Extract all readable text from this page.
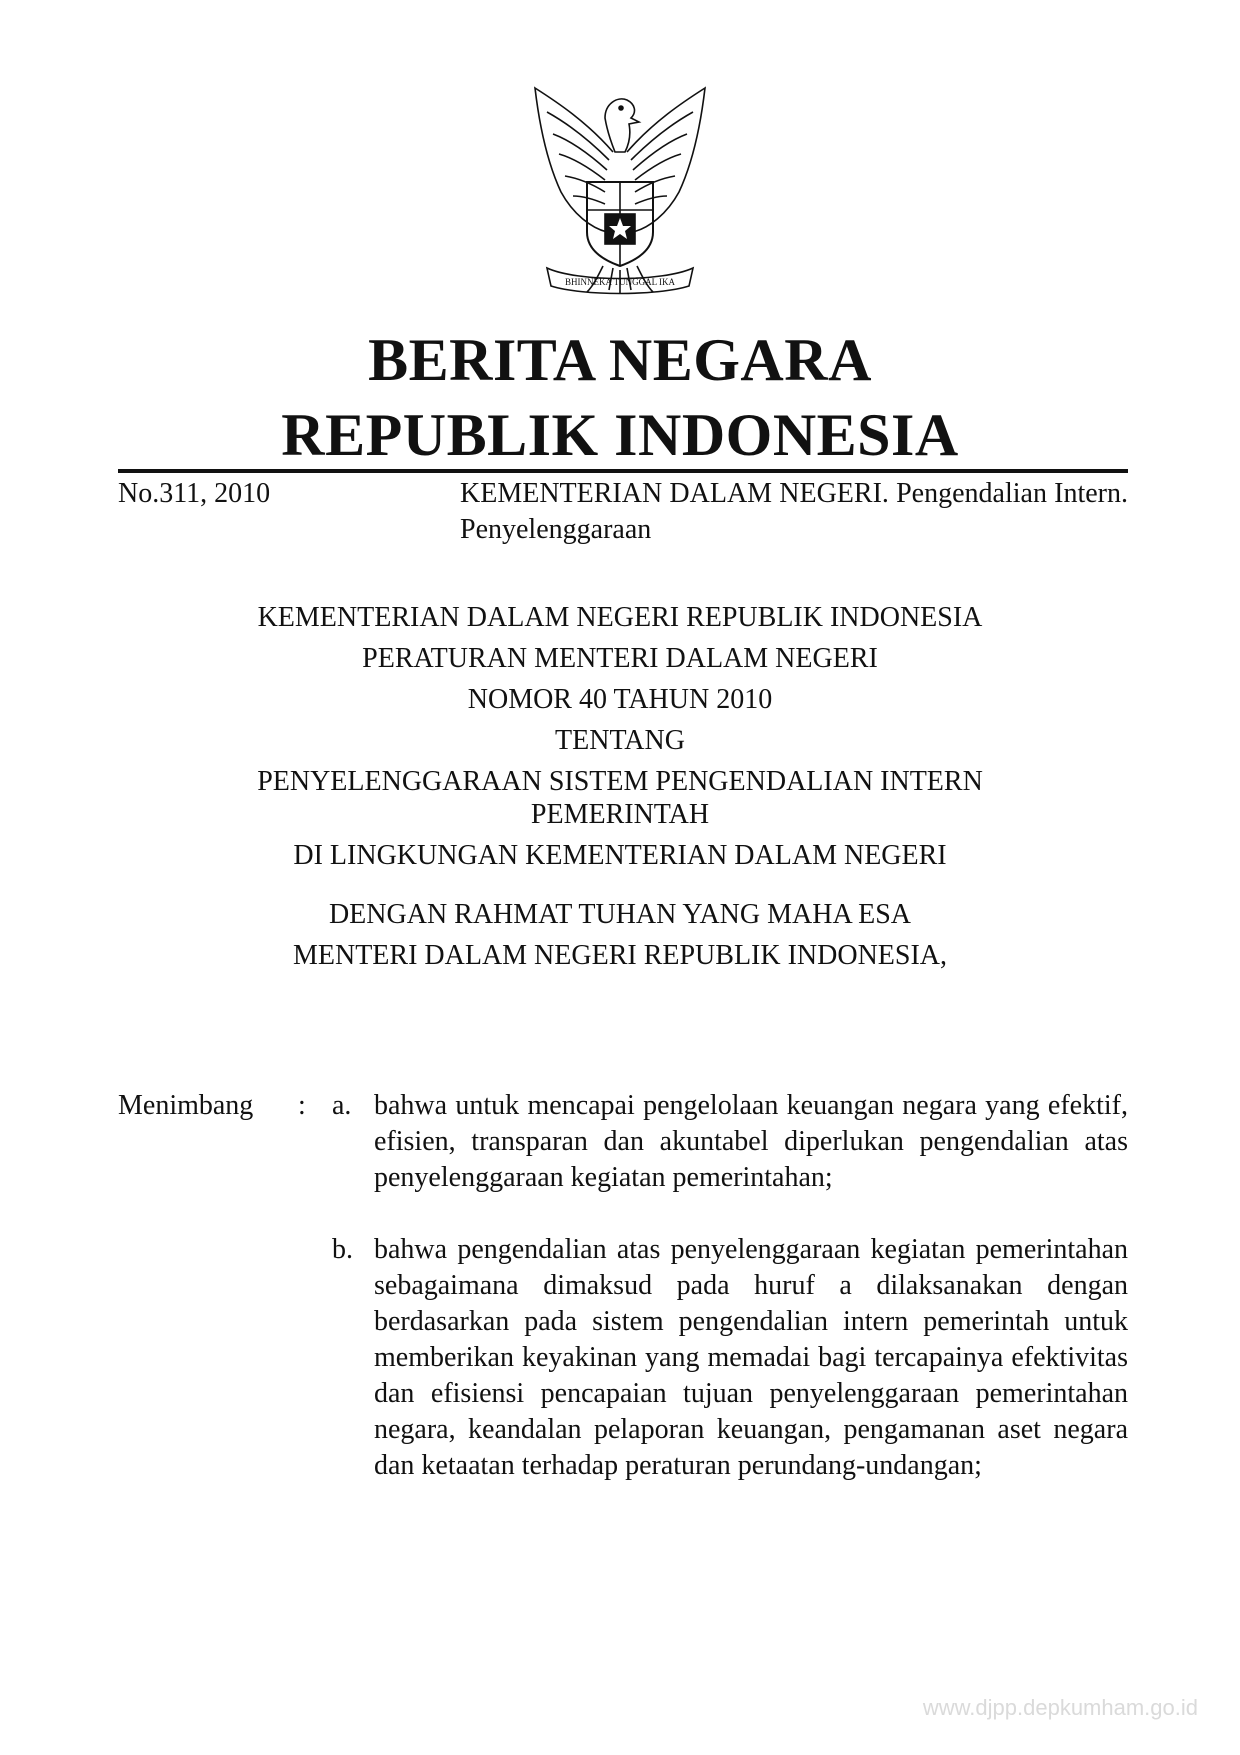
BHINNEKA TUNGGAL IKA
BERITA NEGARA
REPUBLIK INDONESIA
No.311, 2010	KEMENTERIAN DALAM NEGERI. Pengendalian Intern. Penyelenggaraan
KEMENTERIAN DALAM NEGERI REPUBLIK INDONESIA
PERATURAN MENTERI DALAM NEGERI
NOMOR 40 TAHUN 2010
TENTANG
PENYELENGGARAAN SISTEM PENGENDALIAN INTERN
PEMERINTAH
DI LINGKUNGAN KEMENTERIAN DALAM NEGERI
DENGAN RAHMAT TUHAN YANG MAHA ESA
MENTERI DALAM NEGERI REPUBLIK INDONESIA,
Menimbang : a. bahwa untuk mencapai pengelolaan keuangan negara yang efektif, efisien, transparan dan akuntabel diperlukan pengendalian atas penyelenggaraan kegiatan pemerintahan;
b. bahwa pengendalian atas penyelenggaraan kegiatan pemerintahan sebagaimana dimaksud pada huruf a dilaksanakan dengan berdasarkan pada sistem pengendalian intern pemerintah untuk memberikan keyakinan yang memadai bagi tercapainya efektivitas dan efisiensi pencapaian tujuan penyelenggaraan pemerintahan negara, keandalan pelaporan keuangan, pengamanan aset negara dan ketaatan terhadap peraturan perundang-undangan;
www.djpp.depkumham.go.id
